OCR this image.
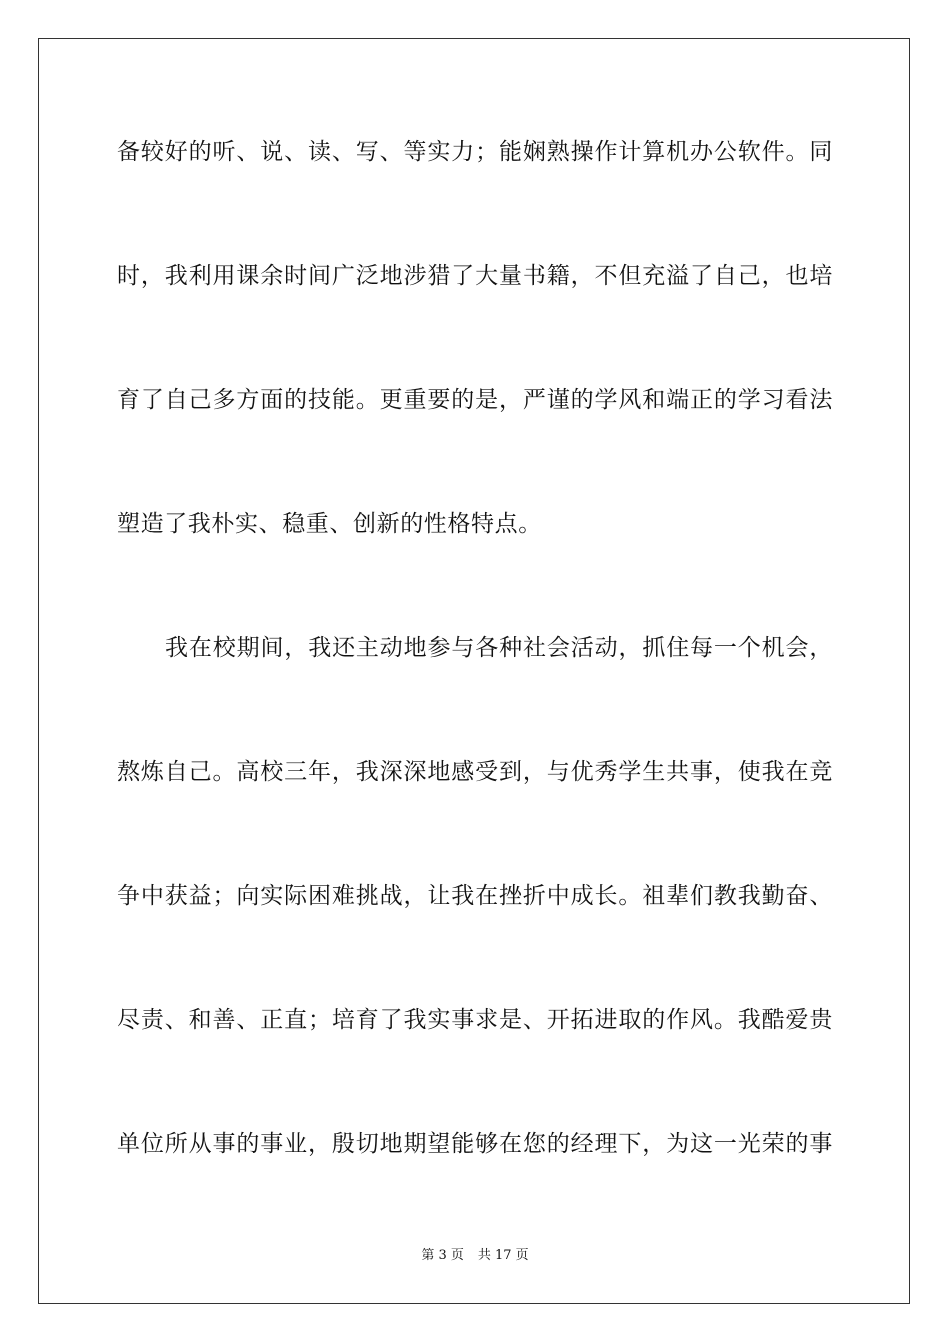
备较好的听、说、读、写、等实力；能娴熟操作计算机办公软件。同
时，我利用课余时间广泛地涉猎了大量书籍，不但充溢了自己，也培
育了自己多方面的技能。更重要的是，严谨的学风和端正的学习看法
塑造了我朴实、稳重、创新的性格特点。
我在校期间，我还主动地参与各种社会活动，抓住每一个机会，
熬炼自己。高校三年，我深深地感受到，与优秀学生共事，使我在竞
争中获益；向实际困难挑战，让我在挫折中成长。祖辈们教我勤奋、
尽责、和善、正直；培育了我实事求是、开拓进取的作风。我酷爱贵
单位所从事的事业，殷切地期望能够在您的经理下，为这一光荣的事
第 3 页 共 17 页
